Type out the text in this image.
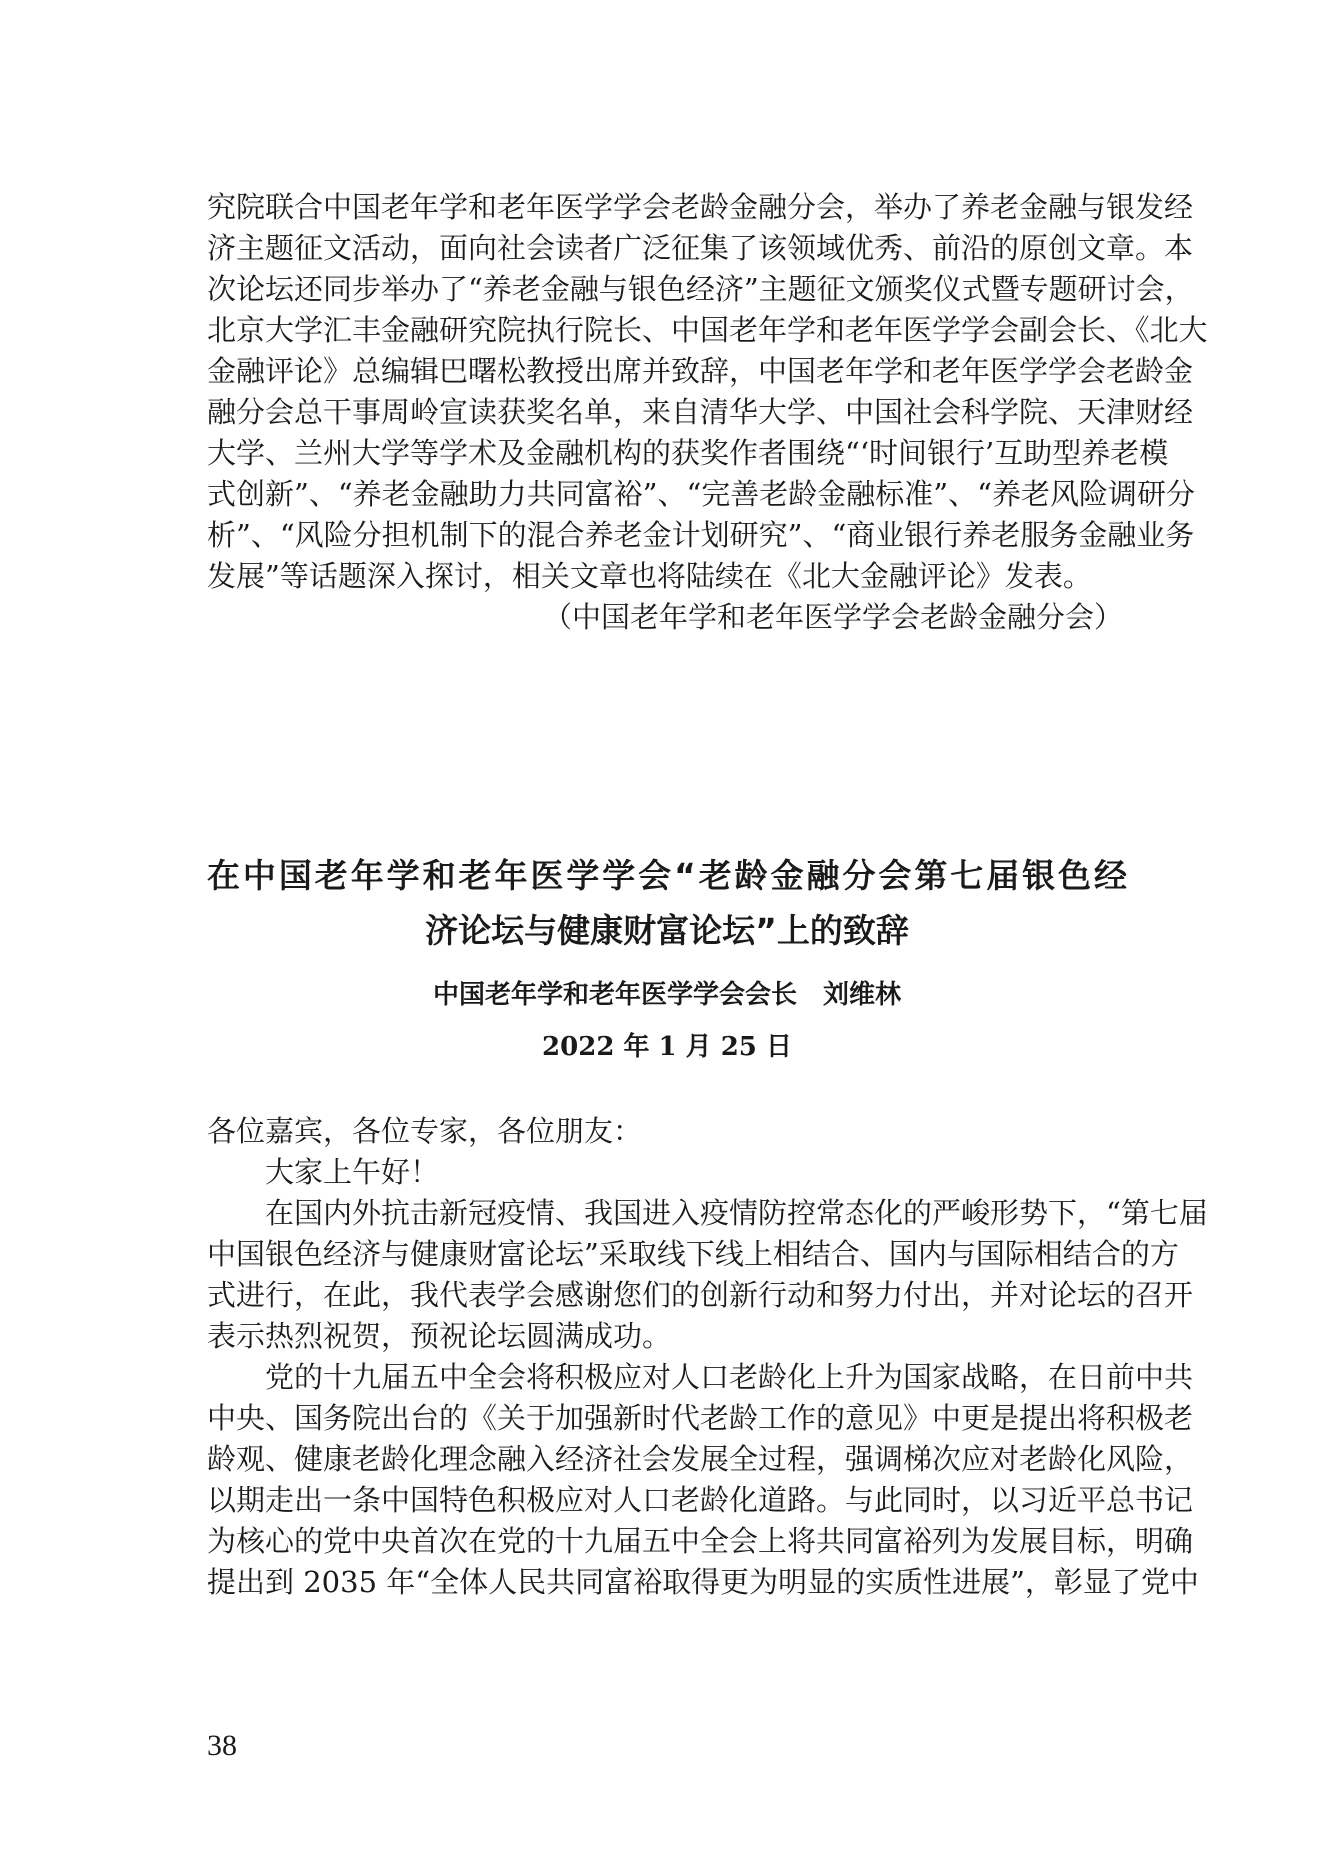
究院联合中国老年学和老年医学学会老龄金融分会，举办了养老金融与银发经
济主题征文活动，面向社会读者广泛征集了该领域优秀、前沿的原创文章。本
次论坛还同步举办了“养老金融与银色经济”主题征文颁奖仪式暨专题研讨会，
北京大学汇丰金融研究院执行院长、中国老年学和老年医学学会副会长、《北大
金融评论》总编辑巴曙松教授出席并致辞，中国老年学和老年医学学会老龄金
融分会总干事周岭宣读获奖名单，来自清华大学、中国社会科学院、天津财经
大学、兰州大学等学术及金融机构的获奖作者围绕“‘时间银行’互助型养老模
式创新”、“养老金融助力共同富裕”、“完善老龄金融标准”、“养老风险调研分
析”、“风险分担机制下的混合养老金计划研究”、“商业银行养老服务金融业务
发展”等话题深入探讨，相关文章也将陆续在《北大金融评论》发表。
（中国老年学和老年医学学会老龄金融分会）
在中国老年学和老年医学学会“老龄金融分会第七届银色经
济论坛与健康财富论坛”上的致辞
中国老年学和老年医学学会会长　刘维林
2022 年 1 月 25 日
各位嘉宾，各位专家，各位朋友：
大家上午好！
在国内外抗击新冠疫情、我国进入疫情防控常态化的严峻形势下，“第七届
中国银色经济与健康财富论坛”采取线下线上相结合、国内与国际相结合的方
式进行，在此，我代表学会感谢您们的创新行动和努力付出，并对论坛的召开
表示热烈祝贺，预祝论坛圆满成功。
党的十九届五中全会将积极应对人口老龄化上升为国家战略，在日前中共
中央、国务院出台的《关于加强新时代老龄工作的意见》中更是提出将积极老
龄观、健康老龄化理念融入经济社会发展全过程，强调梯次应对老龄化风险，
以期走出一条中国特色积极应对人口老龄化道路。与此同时，以习近平总书记
为核心的党中央首次在党的十九届五中全会上将共同富裕列为发展目标，明确
提出到 2035 年“全体人民共同富裕取得更为明显的实质性进展”，彰显了党中
38
